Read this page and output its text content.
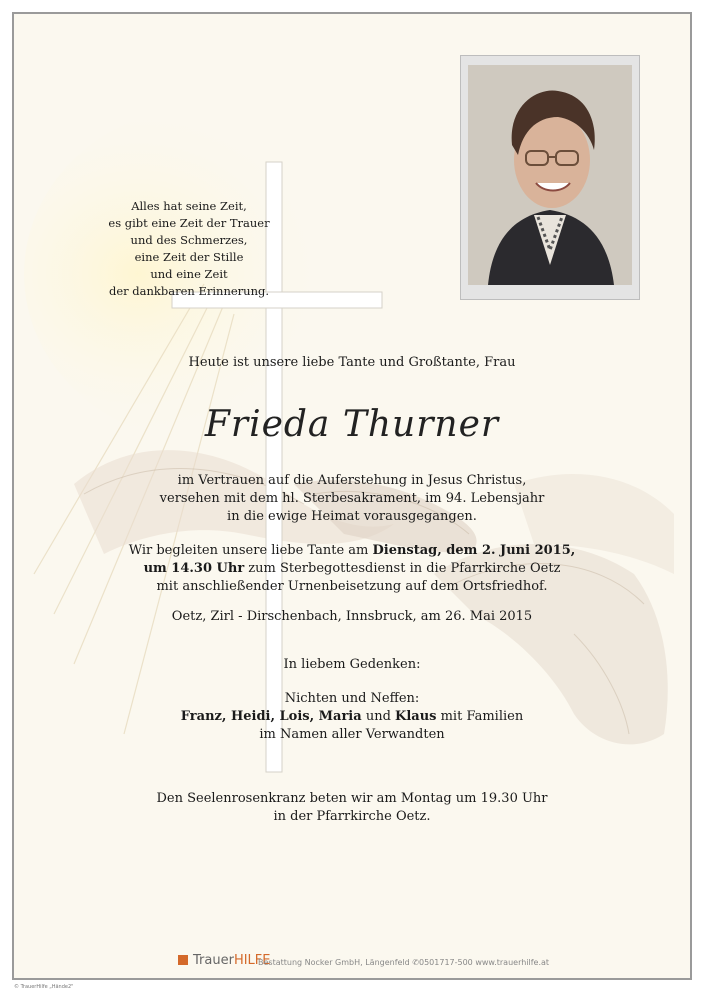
Alles hat seine Zeit,
es gibt eine Zeit der Trauer
und des Schmerzes,
eine Zeit der Stille
und eine Zeit
der dankbaren Erinnerung.
Heute ist unsere liebe Tante und Großtante, Frau
Frieda Thurner
im Vertrauen auf die Auferstehung in Jesus Christus,
versehen mit dem hl. Sterbesakrament, im 94. Lebensjahr
in die ewige Heimat vorausgegangen.
Wir begleiten unsere liebe Tante am Dienstag, dem 2. Juni 2015,
um 14.30 Uhr zum Sterbegottesdienst in die Pfarrkirche Oetz
mit anschließender Urnenbeisetzung auf dem Ortsfriedhof.
Oetz, Zirl - Dirschenbach, Innsbruck, am 26. Mai 2015
In liebem Gedenken:
Nichten und Neffen:
Franz, Heidi, Lois, Maria und Klaus mit Familien
im Namen aller Verwandten
Den Seelenrosenkranz beten wir am Montag um 19.30 Uhr
in der Pfarrkirche Oetz.
TrauerHILFE
Bestattung Nocker GmbH, Längenfeld ✆0501717-500 www.trauerhilfe.at
© TrauerHilfe „Hände2"
